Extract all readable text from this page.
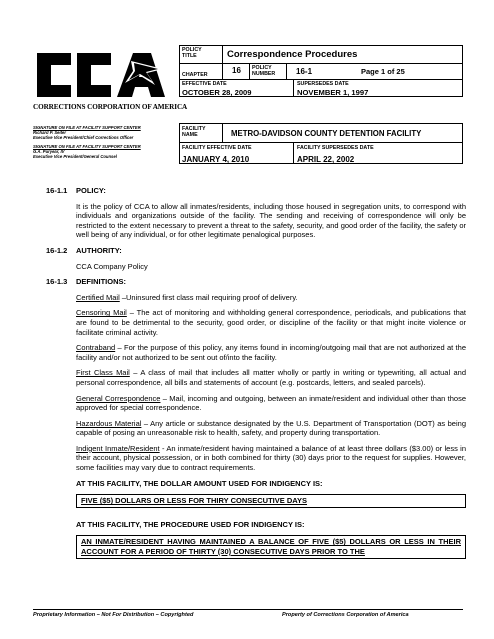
CORRECTIONS CORPORATION OF AMERICA
POLICY TITLE	Correspondence Procedures
CHAPTER	16	POLICY NUMBER	16-1	Page 1 of 25
EFFECTIVE DATE
OCTOBER 28, 2009
SUPERSEDES DATE
NOVEMBER 1, 1997
SIGNATURE ON FILE AT FACILITY SUPPORT CENTER
Richard P. Seiter
Executive Vice President/Chief Corrections Officer
SIGNATURE ON FILE AT FACILITY SUPPORT CENTER
G.A. Puryear, IV
Executive Vice President/General Counsel
FACILITY NAME	METRO-DAVIDSON COUNTY DETENTION FACILITY
FACILITY EFFECTIVE DATE
JANUARY 4, 2010
FACILITY SUPERSEDES DATE
APRIL 22, 2002
16-1.1 POLICY:
It is the policy of CCA to allow all inmates/residents, including those housed in segregation units, to correspond with individuals and organizations outside of the facility. The sending and receiving of correspondence will only be restricted to the extent necessary to prevent a threat to the safety, security, and good order of the facility, the safety or well being of any individual, or for other legitimate penalogical purposes.
16-1.2 AUTHORITY:
CCA Company Policy
16-1.3 DEFINITIONS:
Certified Mail –Uninsured first class mail requiring proof of delivery.
Censoring Mail – The act of monitoring and withholding general correspondence, periodicals, and publications that are found to be detrimental to the security, good order, or discipline of the facility or that might incite violence or facilitate criminal activity.
Contraband – For the purpose of this policy, any items found in incoming/outgoing mail that are not authorized at the facility and/or not authorized to be sent out of/into the facility.
First Class Mail – A class of mail that includes all matter wholly or partly in writing or typewriting, all actual and personal correspondence, all bills and statements of account (e.g. postcards, letters, and sealed parcels).
General Correspondence – Mail, incoming and outgoing, between an inmate/resident and individual other than those approved for special correspondence.
Hazardous Material – Any article or substance designated by the U.S. Department of Transportation (DOT) as being capable of posing an unreasonable risk to health, safety, and property during transportation.
Indigent Inmate/Resident - An inmate/resident having maintained a balance of at least three dollars ($3.00) or less in their account, physical possession, or in both combined for thirty (30) days prior to the request for supplies. However, some facilities may vary due to contract requirements.
AT THIS FACILITY, THE DOLLAR AMOUNT USED FOR INDIGENCY IS:
FIVE ($5) DOLLARS OR LESS FOR THIRY CONSECUTIVE DAYS
AT THIS FACILITY, THE PROCEDURE USED FOR INDIGENCY IS:
AN INMATE/RESIDENT HAVING MAINTAINED A BALANCE OF FIVE ($5) DOLLARS OR LESS IN THEIR ACCOUNT FOR A PERIOD OF THIRTY (30) CONSECUTIVE DAYS PRIOR TO THE
Proprietary Information – Not For Distribution – Copyrighted	Property of Corrections Corporation of America
